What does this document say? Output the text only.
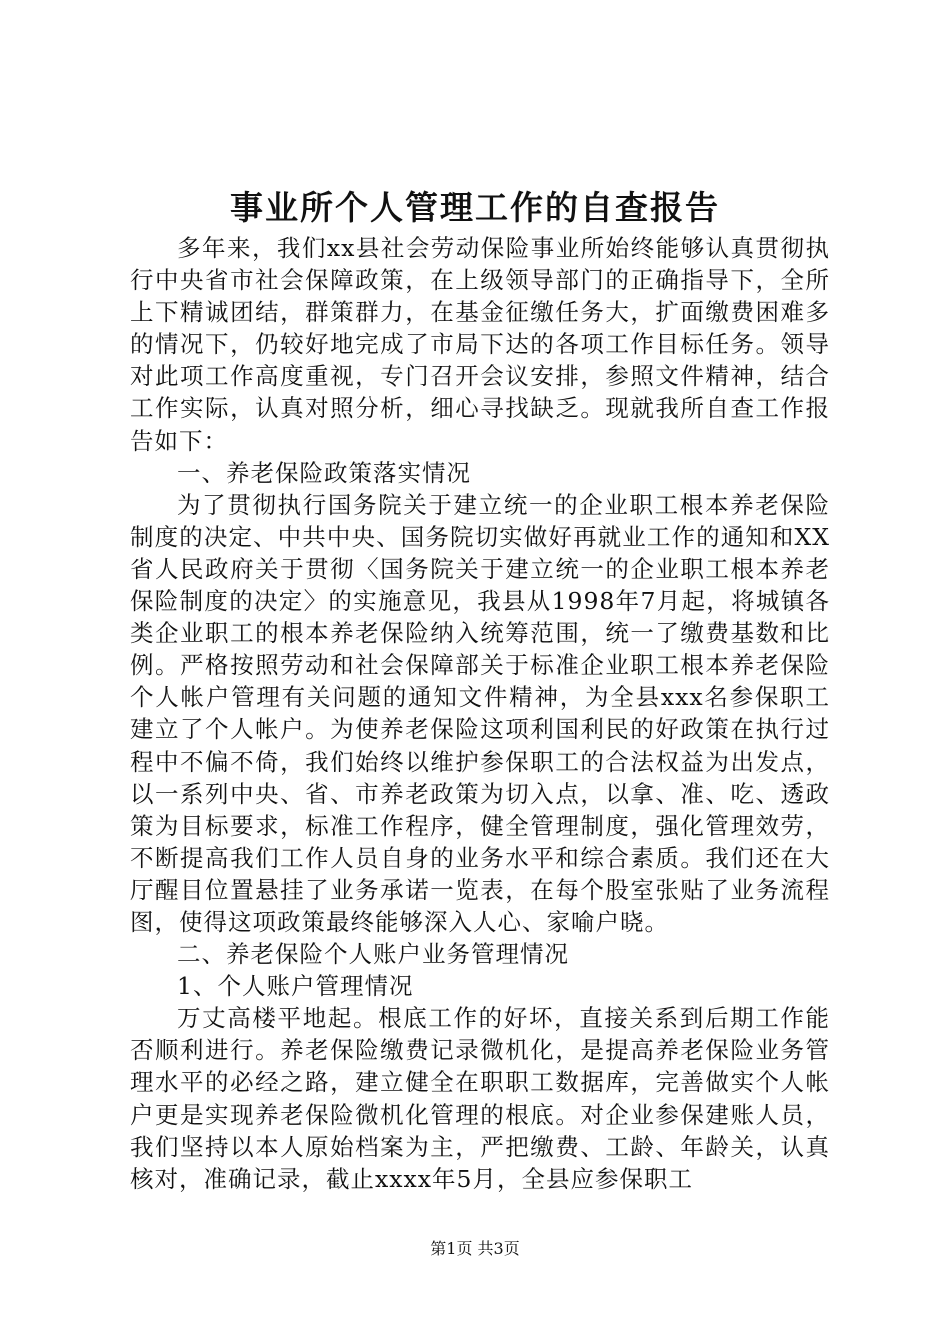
事业所个人管理工作的自查报告

多年来，我们xx县社会劳动保险事业所始终能够认真贯彻执行中央省市社会保障政策，在上级领导部门的正确指导下，全所上下精诚团结，群策群力，在基金征缴任务大，扩面缴费困难多的情况下，仍较好地完成了市局下达的各项工作目标任务。领导对此项工作高度重视，专门召开会议安排，参照文件精神，结合工作实际，认真对照分析，细心寻找缺乏。现就我所自查工作报告如下：

一、养老保险政策落实情况

为了贯彻执行国务院关于建立统一的企业职工根本养老保险制度的决定、中共中央、国务院切实做好再就业工作的通知和XX省人民政府关于贯彻〈国务院关于建立统一的企业职工根本养老保险制度的决定〉的实施意见，我县从1998年7月起，将城镇各类企业职工的根本养老保险纳入统筹范围，统一了缴费基数和比例。严格按照劳动和社会保障部关于标准企业职工根本养老保险个人帐户管理有关问题的通知文件精神，为全县xxx名参保职工建立了个人帐户。为使养老保险这项利国利民的好政策在执行过程中不偏不倚，我们始终以维护参保职工的合法权益为出发点，以一系列中央、省、市养老政策为切入点，以拿、准、吃、透政策为目标要求，标准工作程序，健全管理制度，强化管理效劳，不断提高我们工作人员自身的业务水平和综合素质。我们还在大厅醒目位置悬挂了业务承诺一览表，在每个股室张贴了业务流程图，使得这项政策最终能够深入人心、家喻户晓。

二、养老保险个人账户业务管理情况

1、个人账户管理情况

万丈高楼平地起。根底工作的好坏，直接关系到后期工作能否顺利进行。养老保险缴费记录微机化，是提高养老保险业务管理水平的必经之路，建立健全在职职工数据库，完善做实个人帐户更是实现养老保险微机化管理的根底。对企业参保建账人员，我们坚持以本人原始档案为主，严把缴费、工龄、年龄关，认真核对，准确记录，截止xxxx年5月，全县应参保职工

第1页 共3页
